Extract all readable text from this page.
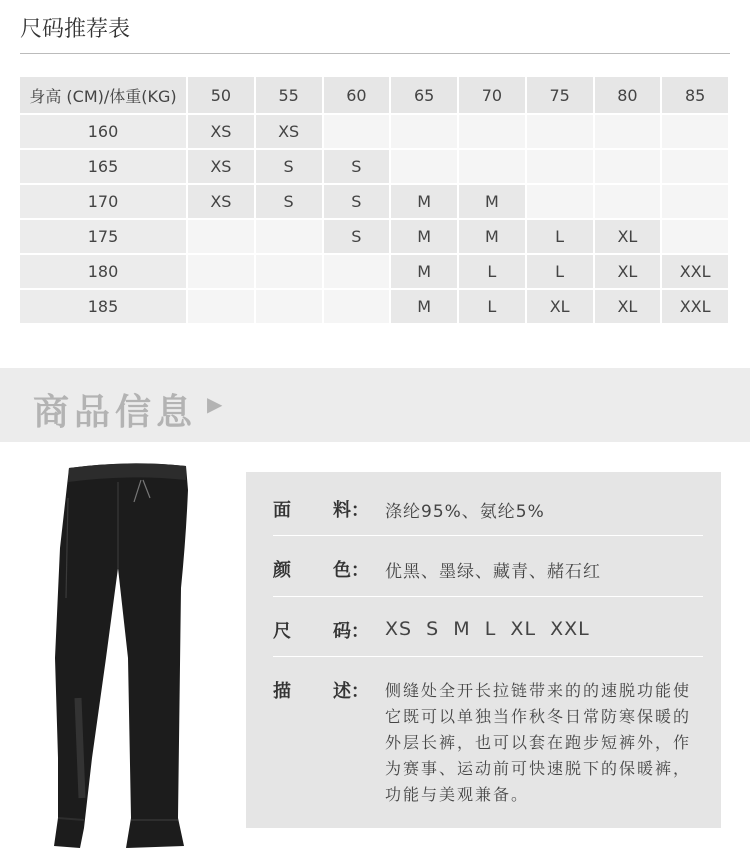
尺码推荐表
身高 (CM)/体重(KG)	50	55	60	65	70	75	80	85
160	XS	XS						
165	XS	S	S					
170	XS	S	S	M	M			
175			S	M	M	L	XL	
180				M	L	L	XL	XXL
185				M	L	XL	XL	XXL
商品信息 ▶
面 料： 涤纶95%、氨纶5%
颜 色： 优黑、墨绿、藏青、赭石红
尺 码： XS  S  M  L  XL  XXL
描 述： 侧缝处全开长拉链带来的的速脱功能使
它既可以单独当作秋冬日常防寒保暖的
外层长裤，也可以套在跑步短裤外，作
为赛事、运动前可快速脱下的保暖裤，
功能与美观兼备。
